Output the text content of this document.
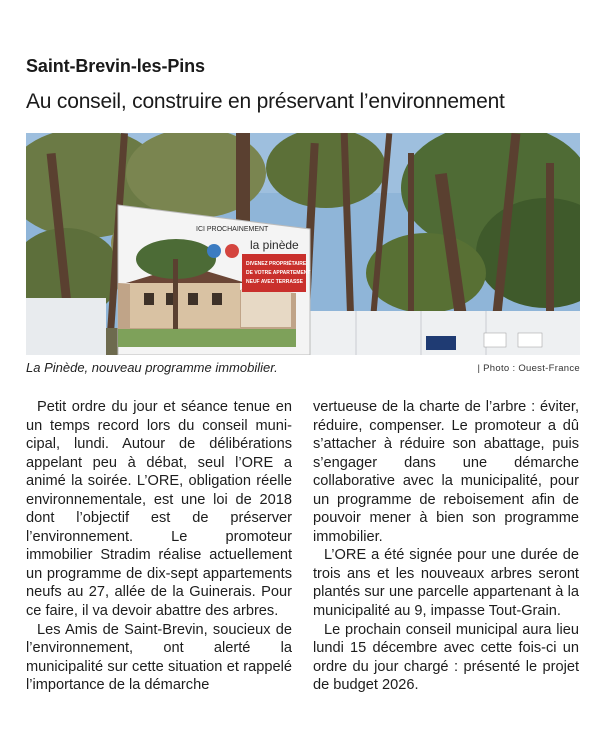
Saint-Brevin-les-Pins
Au conseil, construire en préservant l’environnement
ICI PROCHAINEMENT
la pinède
DIVENEZ PROPRIÉTAIRE
DE VOTRE APPARTEMENT
NEUF AVEC TERRASSE
La Pinède, nouveau programme immobilier.	| Photo : Ouest-France

Petit ordre du jour et séance tenue en un temps record lors du conseil municipal, lundi. Autour de délibérations appelant peu à débat, seul l’ORE a animé la soirée. L’ORE, obligation réelle environnementale, est une loi de 2018 dont l’objectif est de préserver l’environnement. Le promoteur immobilier Stradim réalise actuellement un programme de dix-sept appartements neufs au 27, allée de la Guinerais. Pour ce faire, il va devoir abattre des arbres.

Les Amis de Saint-Brevin, soucieux de l’environnement, ont alerté la municipalité sur cette situation et rappelé l’importance de la démarche

vertueuse de la charte de l’arbre : éviter, réduire, compenser. Le promoteur a dû s’attacher à réduire son abattage, puis s’engager dans une démarche collaborative avec la municipalité, pour un programme de reboisement afin de pouvoir mener à bien son programme immobilier.

L’ORE a été signée pour une durée de trois ans et les nouveaux arbres seront plantés sur une parcelle appartenant à la municipalité au 9, impasse Tout-Grain.

Le prochain conseil municipal aura lieu lundi 15 décembre avec cette fois-ci un ordre du jour chargé : présenté le projet de budget 2026.
